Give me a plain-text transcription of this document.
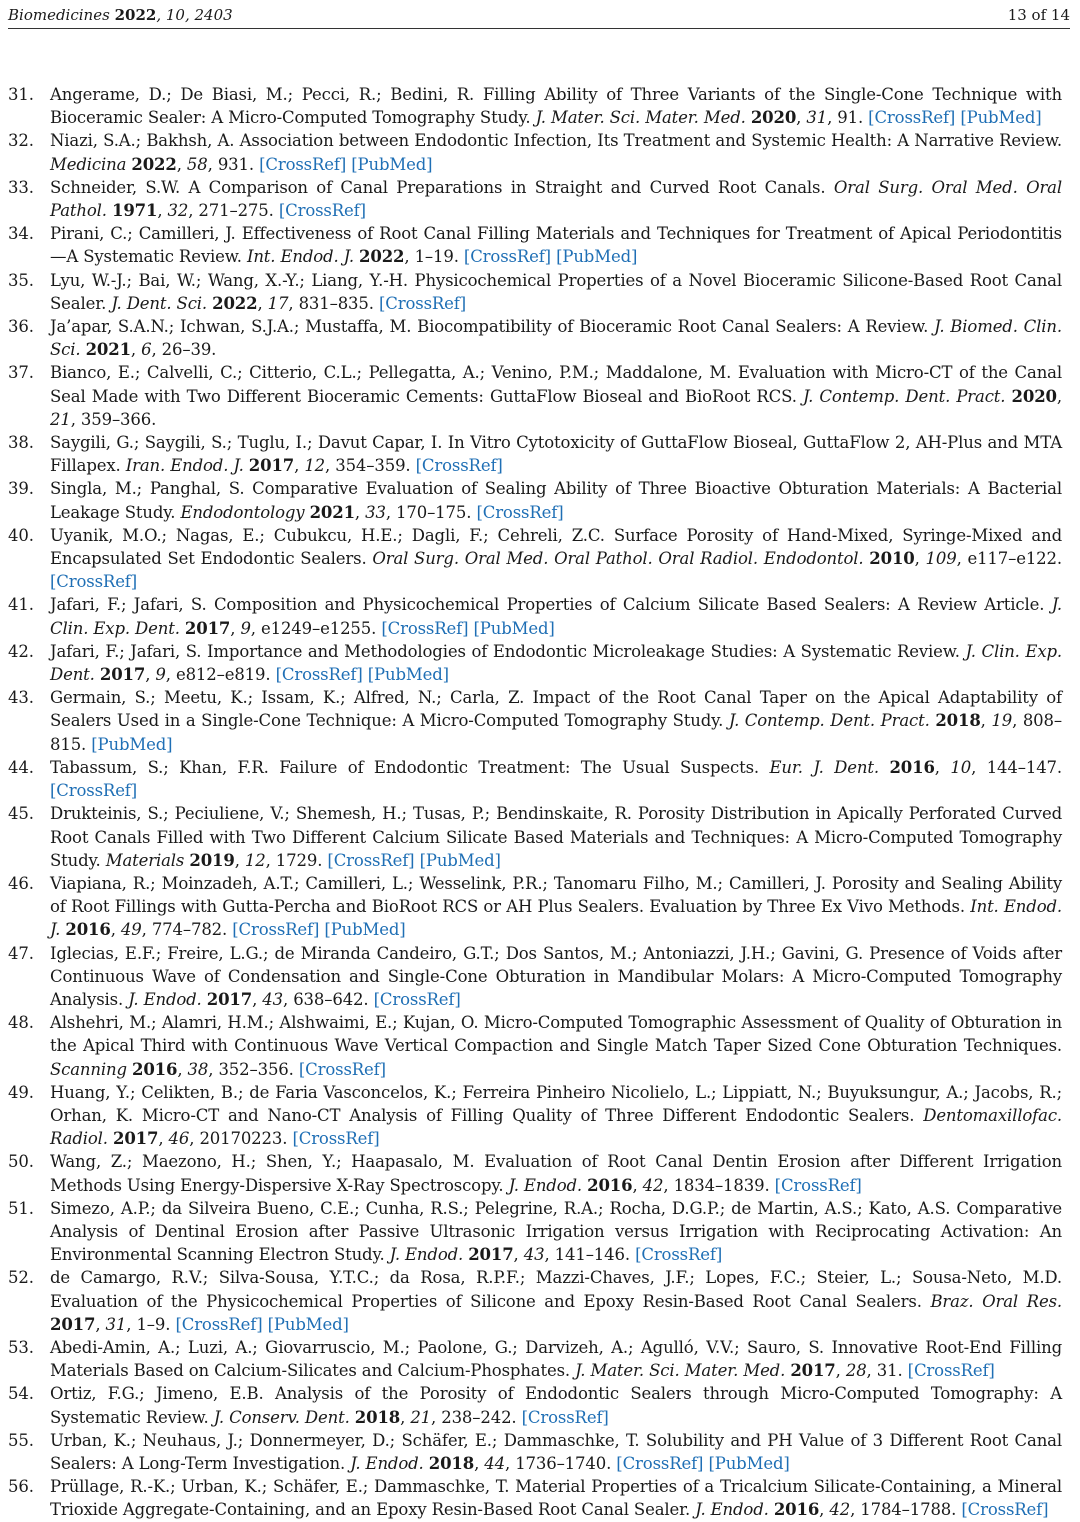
Biomedicines 2022, 10, 2403	13 of 14
31. Angerame, D.; De Biasi, M.; Pecci, R.; Bedini, R. Filling Ability of Three Variants of the Single-Cone Technique with Bioceramic Sealer: A Micro-Computed Tomography Study. J. Mater. Sci. Mater. Med. 2020, 31, 91. [CrossRef] [PubMed]
32. Niazi, S.A.; Bakhsh, A. Association between Endodontic Infection, Its Treatment and Systemic Health: A Narrative Review. Medicina 2022, 58, 931. [CrossRef] [PubMed]
33. Schneider, S.W. A Comparison of Canal Preparations in Straight and Curved Root Canals. Oral Surg. Oral Med. Oral Pathol. 1971, 32, 271–275. [CrossRef]
34. Pirani, C.; Camilleri, J. Effectiveness of Root Canal Filling Materials and Techniques for Treatment of Apical Periodontitis—A Systematic Review. Int. Endod. J. 2022, 1–19. [CrossRef] [PubMed]
35. Lyu, W.-J.; Bai, W.; Wang, X.-Y.; Liang, Y.-H. Physicochemical Properties of a Novel Bioceramic Silicone-Based Root Canal Sealer. J. Dent. Sci. 2022, 17, 831–835. [CrossRef]
36. Ja’apar, S.A.N.; Ichwan, S.J.A.; Mustaffa, M. Biocompatibility of Bioceramic Root Canal Sealers: A Review. J. Biomed. Clin. Sci. 2021, 6, 26–39.
37. Bianco, E.; Calvelli, C.; Citterio, C.L.; Pellegatta, A.; Venino, P.M.; Maddalone, M. Evaluation with Micro-CT of the Canal Seal Made with Two Different Bioceramic Cements: GuttaFlow Bioseal and BioRoot RCS. J. Contemp. Dent. Pract. 2020, 21, 359–366.
38. Saygili, G.; Saygili, S.; Tuglu, I.; Davut Capar, I. In Vitro Cytotoxicity of GuttaFlow Bioseal, GuttaFlow 2, AH-Plus and MTA Fillapex. Iran. Endod. J. 2017, 12, 354–359. [CrossRef]
39. Singla, M.; Panghal, S. Comparative Evaluation of Sealing Ability of Three Bioactive Obturation Materials: A Bacterial Leakage Study. Endodontology 2021, 33, 170–175. [CrossRef]
40. Uyanik, M.O.; Nagas, E.; Cubukcu, H.E.; Dagli, F.; Cehreli, Z.C. Surface Porosity of Hand-Mixed, Syringe-Mixed and Encapsulated Set Endodontic Sealers. Oral Surg. Oral Med. Oral Pathol. Oral Radiol. Endodontol. 2010, 109, e117–e122. [CrossRef]
41. Jafari, F.; Jafari, S. Composition and Physicochemical Properties of Calcium Silicate Based Sealers: A Review Article. J. Clin. Exp. Dent. 2017, 9, e1249–e1255. [CrossRef] [PubMed]
42. Jafari, F.; Jafari, S. Importance and Methodologies of Endodontic Microleakage Studies: A Systematic Review. J. Clin. Exp. Dent. 2017, 9, e812–e819. [CrossRef] [PubMed]
43. Germain, S.; Meetu, K.; Issam, K.; Alfred, N.; Carla, Z. Impact of the Root Canal Taper on the Apical Adaptability of Sealers Used in a Single-Cone Technique: A Micro-Computed Tomography Study. J. Contemp. Dent. Pract. 2018, 19, 808–815. [PubMed]
44. Tabassum, S.; Khan, F.R. Failure of Endodontic Treatment: The Usual Suspects. Eur. J. Dent. 2016, 10, 144–147. [CrossRef]
45. Drukteinis, S.; Peciuliene, V.; Shemesh, H.; Tusas, P.; Bendinskaite, R. Porosity Distribution in Apically Perforated Curved Root Canals Filled with Two Different Calcium Silicate Based Materials and Techniques: A Micro-Computed Tomography Study. Materials 2019, 12, 1729. [CrossRef] [PubMed]
46. Viapiana, R.; Moinzadeh, A.T.; Camilleri, L.; Wesselink, P.R.; Tanomaru Filho, M.; Camilleri, J. Porosity and Sealing Ability of Root Fillings with Gutta-Percha and BioRoot RCS or AH Plus Sealers. Evaluation by Three Ex Vivo Methods. Int. Endod. J. 2016, 49, 774–782. [CrossRef] [PubMed]
47. Iglecias, E.F.; Freire, L.G.; de Miranda Candeiro, G.T.; Dos Santos, M.; Antoniazzi, J.H.; Gavini, G. Presence of Voids after Continuous Wave of Condensation and Single-Cone Obturation in Mandibular Molars: A Micro-Computed Tomography Analysis. J. Endod. 2017, 43, 638–642. [CrossRef]
48. Alshehri, M.; Alamri, H.M.; Alshwaimi, E.; Kujan, O. Micro-Computed Tomographic Assessment of Quality of Obturation in the Apical Third with Continuous Wave Vertical Compaction and Single Match Taper Sized Cone Obturation Techniques. Scanning 2016, 38, 352–356. [CrossRef]
49. Huang, Y.; Celikten, B.; de Faria Vasconcelos, K.; Ferreira Pinheiro Nicolielo, L.; Lippiatt, N.; Buyuksungur, A.; Jacobs, R.; Orhan, K. Micro-CT and Nano-CT Analysis of Filling Quality of Three Different Endodontic Sealers. Dentomaxillofac. Radiol. 2017, 46, 20170223. [CrossRef]
50. Wang, Z.; Maezono, H.; Shen, Y.; Haapasalo, M. Evaluation of Root Canal Dentin Erosion after Different Irrigation Methods Using Energy-Dispersive X-Ray Spectroscopy. J. Endod. 2016, 42, 1834–1839. [CrossRef]
51. Simezo, A.P.; da Silveira Bueno, C.E.; Cunha, R.S.; Pelegrine, R.A.; Rocha, D.G.P.; de Martin, A.S.; Kato, A.S. Comparative Analysis of Dentinal Erosion after Passive Ultrasonic Irrigation versus Irrigation with Reciprocating Activation: An Environmental Scanning Electron Study. J. Endod. 2017, 43, 141–146. [CrossRef]
52. de Camargo, R.V.; Silva-Sousa, Y.T.C.; da Rosa, R.P.F.; Mazzi-Chaves, J.F.; Lopes, F.C.; Steier, L.; Sousa-Neto, M.D. Evaluation of the Physicochemical Properties of Silicone and Epoxy Resin-Based Root Canal Sealers. Braz. Oral Res. 2017, 31, 1–9. [CrossRef] [PubMed]
53. Abedi-Amin, A.; Luzi, A.; Giovarruscio, M.; Paolone, G.; Darvizeh, A.; Agulló, V.V.; Sauro, S. Innovative Root-End Filling Materials Based on Calcium-Silicates and Calcium-Phosphates. J. Mater. Sci. Mater. Med. 2017, 28, 31. [CrossRef]
54. Ortiz, F.G.; Jimeno, E.B. Analysis of the Porosity of Endodontic Sealers through Micro-Computed Tomography: A Systematic Review. J. Conserv. Dent. 2018, 21, 238–242. [CrossRef]
55. Urban, K.; Neuhaus, J.; Donnermeyer, D.; Schäfer, E.; Dammaschke, T. Solubility and PH Value of 3 Different Root Canal Sealers: A Long-Term Investigation. J. Endod. 2018, 44, 1736–1740. [CrossRef] [PubMed]
56. Prüllage, R.-K.; Urban, K.; Schäfer, E.; Dammaschke, T. Material Properties of a Tricalcium Silicate-Containing, a Mineral Trioxide Aggregate-Containing, and an Epoxy Resin-Based Root Canal Sealer. J. Endod. 2016, 42, 1784–1788. [CrossRef]
